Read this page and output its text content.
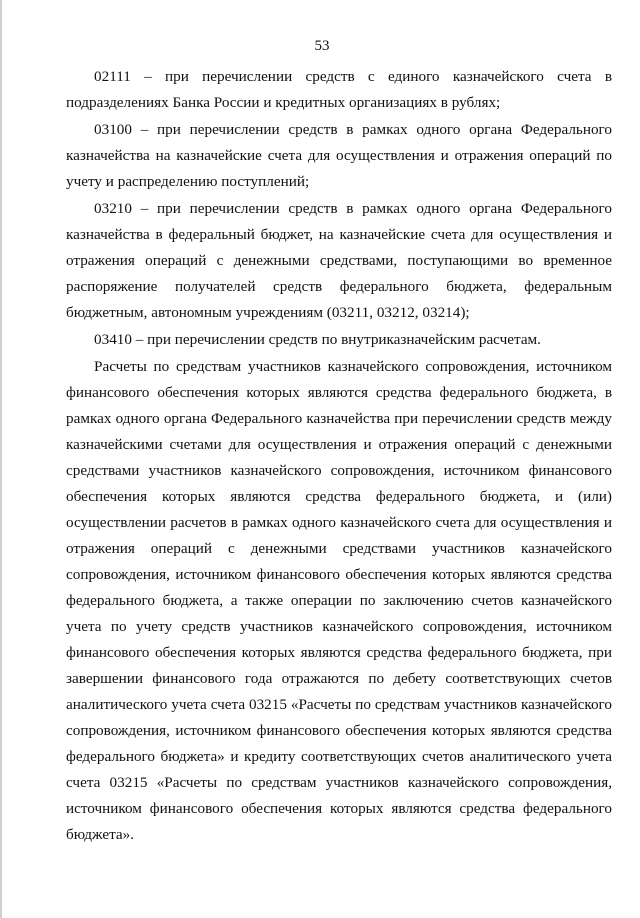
53

02111 – при перечислении средств с единого казначейского счета в подразделениях Банка России и кредитных организациях в рублях;

03100 – при перечислении средств в рамках одного органа Федерального казначейства на казначейские счета для осуществления и отражения операций по учету и распределению поступлений;

03210 – при перечислении средств в рамках одного органа Федерального казначейства в федеральный бюджет, на казначейские счета для осуществления и отражения операций с денежными средствами, поступающими во временное распоряжение получателей средств федерального бюджета, федеральным бюджетным, автономным учреждениям (03211, 03212, 03214);

03410 – при перечислении средств по внутриказначейским расчетам.

Расчеты по средствам участников казначейского сопровождения, источником финансового обеспечения которых являются средства федерального бюджета, в рамках одного органа Федерального казначейства при перечислении средств между казначейскими счетами для осуществления и отражения операций с денежными средствами участников казначейского сопровождения, источником финансового обеспечения которых являются средства федерального бюджета, и (или) осуществлении расчетов в рамках одного казначейского счета для осуществления и отражения операций с денежными средствами участников казначейского сопровождения, источником финансового обеспечения которых являются средства федерального бюджета, а также операции по заключению счетов казначейского учета по учету средств участников казначейского сопровождения, источником финансового обеспечения которых являются средства федерального бюджета, при завершении финансового года отражаются по дебету соответствующих счетов аналитического учета счета 03215 «Расчеты по средствам участников казначейского сопровождения, источником финансового обеспечения которых являются средства федерального бюджета» и кредиту соответствующих счетов аналитического учета счета 03215 «Расчеты по средствам участников казначейского сопровождения, источником финансового обеспечения которых являются средства федерального бюджета».
